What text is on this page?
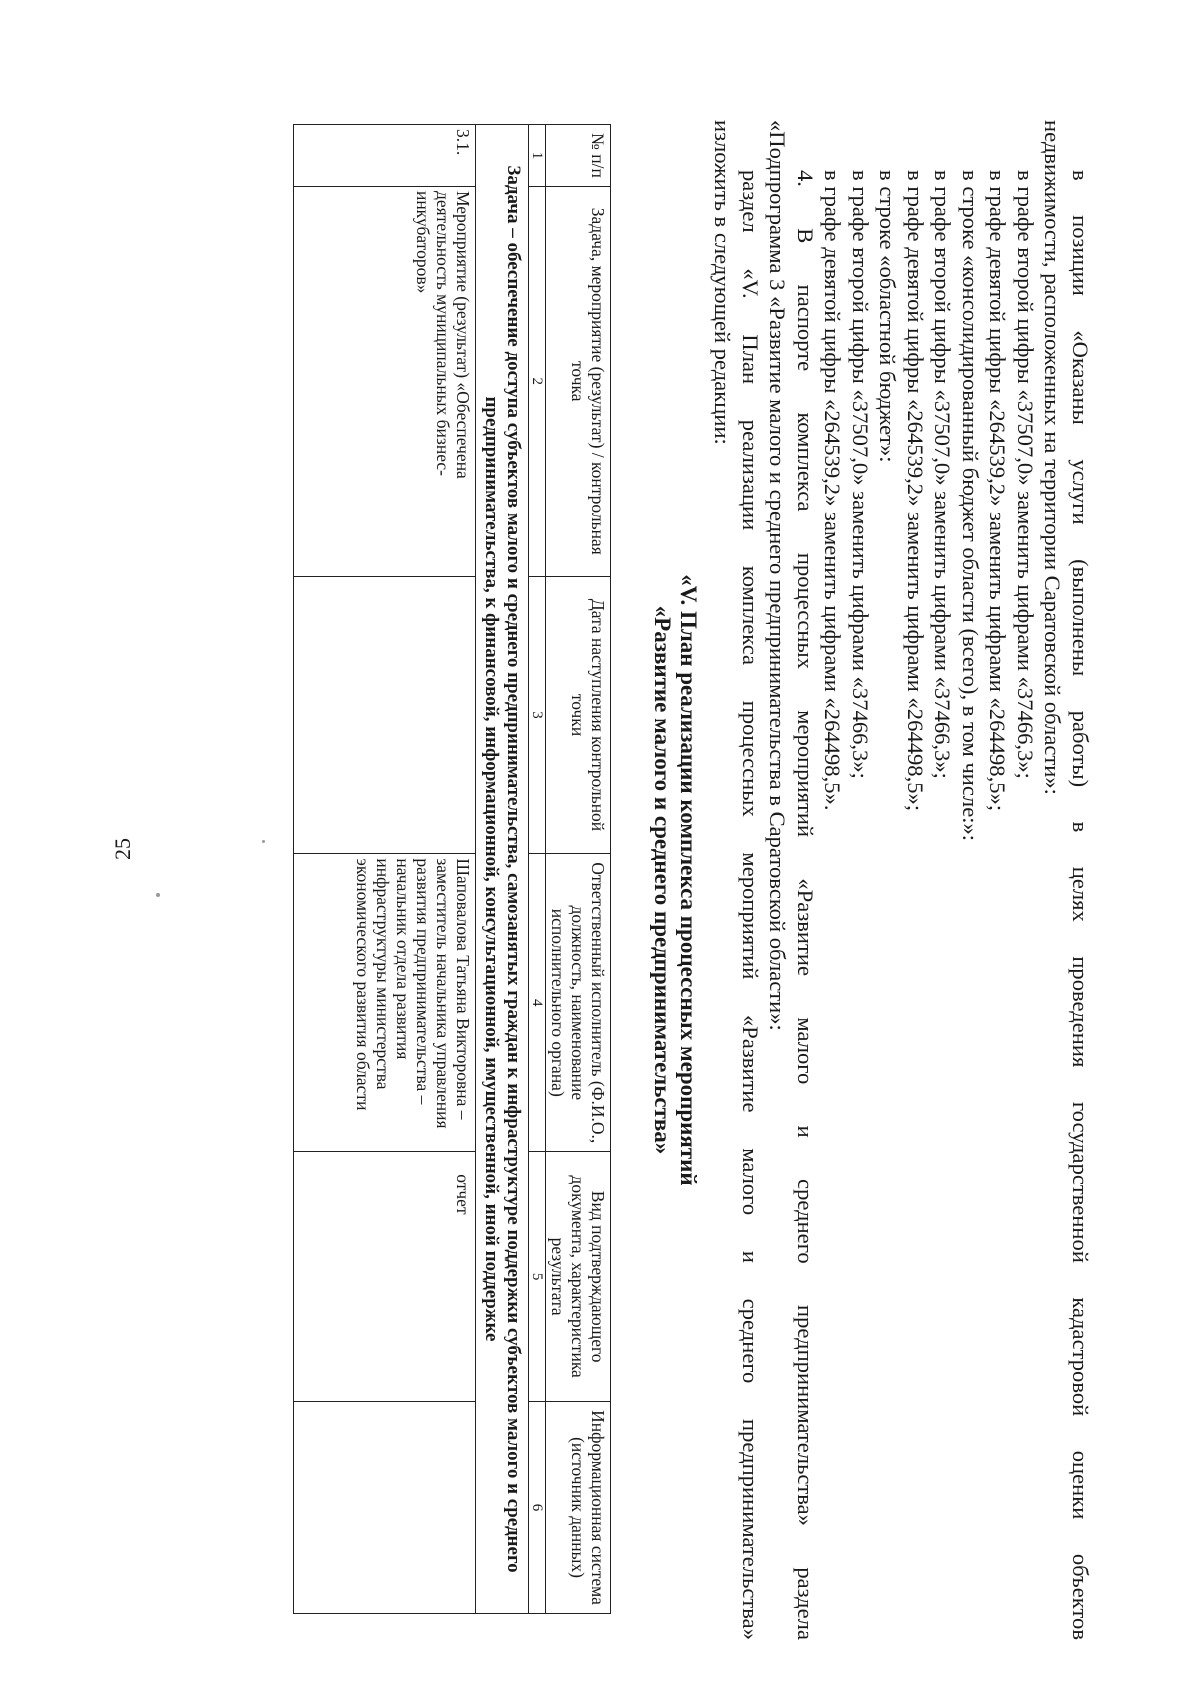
25	в позиции «Оказаны услуги (выполнены работы) в целях проведения государственной кадастровой оценки объектов

недвижимости, расположенных на территории Саратовской области»:

в графе второй цифры «37507,0» заменить цифрами «37466,3»;

в графе девятой цифры «264539,2» заменить цифрами «264498,5»;

в строке «консолидированный бюджет области (всего), в том числе:»:

в графе второй цифры «37507,0» заменить цифрами «37466,3»;

в графе девятой цифры «264539,2» заменить цифрами «264498,5»;

в строке «областной бюджет»:

в графе второй цифры «37507,0» заменить цифрами «37466,3»;

в графе девятой цифры «264539,2» заменить цифрами «264498,5».

4. В паспорте комплекса процессных мероприятий «Развитие малого и среднего предпринимательства» раздела

«Подпрограмма 3 «Развитие малого и среднего предпринимательства в Саратовской области»:

раздел «V. План реализации комплекса процессных мероприятий «Развитие малого и среднего предпринимательства»

изложить в следующей редакции:

«V. План реализации комплекса процессных мероприятий
«Развитие малого и среднего предпринимательства»
№ п/п	Задача, мероприятие (результат) / контрольная точка	Дата наступления контрольной точки	Ответственный исполнитель (Ф.И.О., должность, наименование исполнительного органа)	Вид подтверждающего документа, характеристика результата	Информационная система (источник данных)
1	2	3	4	5	6
Задача – обеспечение доступа субъектов малого и среднего предпринимательства, самозанятых граждан к инфраструктуре поддержки субъектов малого и среднего предпринимательства, к финансовой, информационной, консультационной, имущественной, иной поддержке					
3.1.	Мероприятие (результат) «Обеспечена деятельность муниципальных бизнес-инкубаторов»		Шаповалова Татьяна Викторовна – заместитель начальника управления развития предпринимательства – начальник отдела развития инфраструктуры министерства экономического развития области	отчет	
